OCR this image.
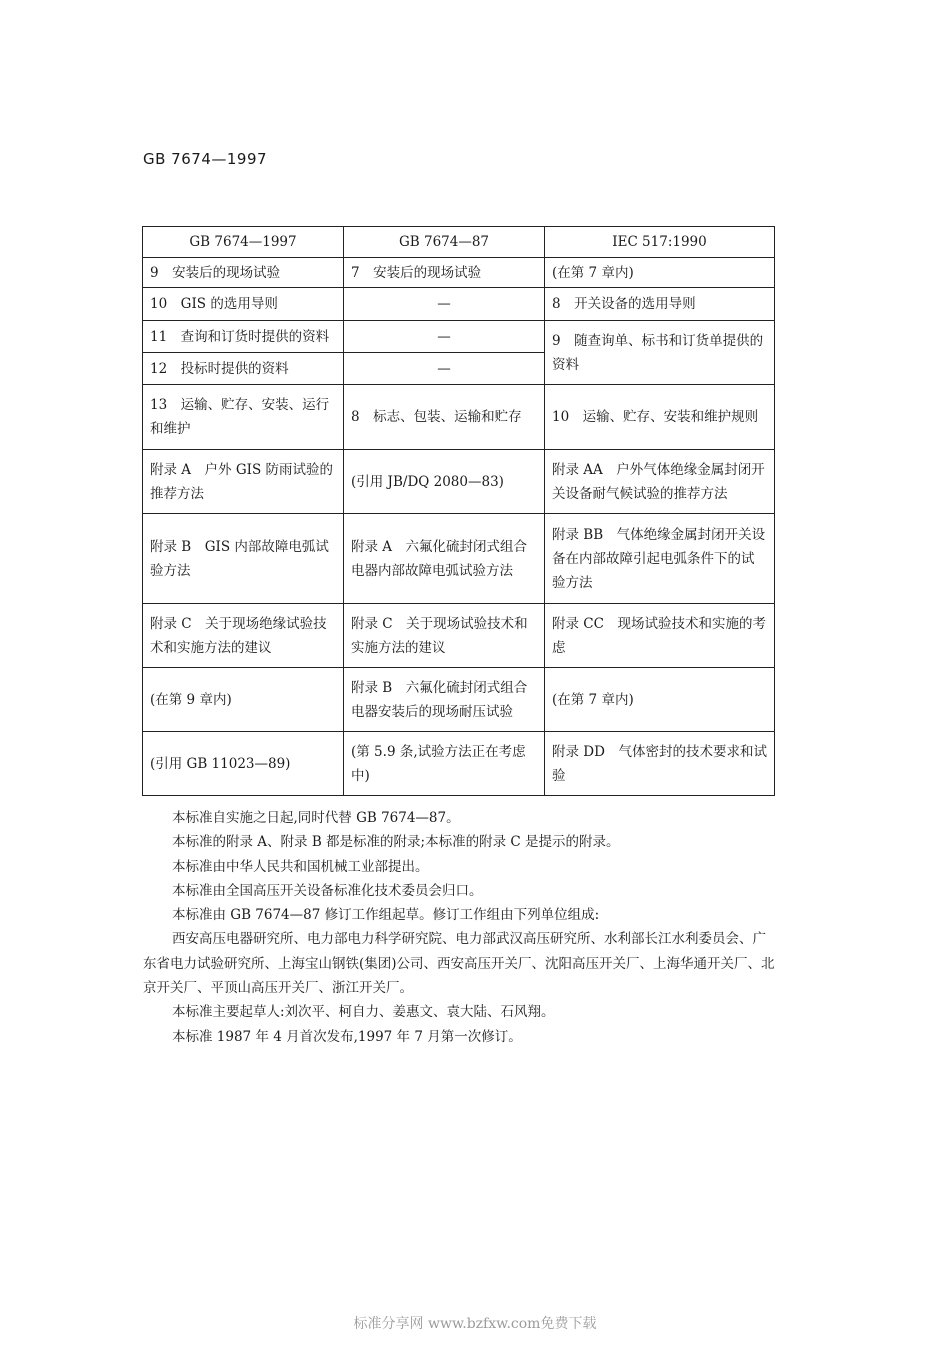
GB 7674—1997
GB 7674—1997	GB 7674—87	IEC 517:1990
9　安装后的现场试验	7　安装后的现场试验	(在第 7 章内)
10　GIS 的选用导则	—	8　开关设备的选用导则
11　查询和订货时提供的资料	—	9　随查询单、标书和订货单提供的资料
12　投标时提供的资料	—	
13　运输、贮存、安装、运行和维护	8　标志、包装、运输和贮存	10　运输、贮存、安装和维护规则
附录 A　户外 GIS 防雨试验的推荐方法	(引用 JB/DQ 2080—83)	附录 AA　户外气体绝缘金属封闭开关设备耐气候试验的推荐方法
附录 B　GIS 内部故障电弧试验方法	附录 A　六氟化硫封闭式组合电器内部故障电弧试验方法	附录 BB　气体绝缘金属封闭开关设备在内部故障引起电弧条件下的试验方法
附录 C　关于现场绝缘试验技术和实施方法的建议	附录 C　关于现场试验技术和实施方法的建议	附录 CC　现场试验技术和实施的考虑
(在第 9 章内)	附录 B　六氟化硫封闭式组合电器安装后的现场耐压试验	(在第 7 章内)
(引用 GB 11023—89)	(第 5.9 条,试验方法正在考虑中)	附录 DD　气体密封的技术要求和试验

本标准自实施之日起,同时代替 GB 7674—87。

本标准的附录 A、附录 B 都是标准的附录;本标准的附录 C 是提示的附录。

本标准由中华人民共和国机械工业部提出。

本标准由全国高压开关设备标准化技术委员会归口。

本标准由 GB 7674—87 修订工作组起草。修订工作组由下列单位组成:

西安高压电器研究所、电力部电力科学研究院、电力部武汉高压研究所、水利部长江水利委员会、广东省电力试验研究所、上海宝山钢铁(集团)公司、西安高压开关厂、沈阳高压开关厂、上海华通开关厂、北京开关厂、平顶山高压开关厂、浙江开关厂。

本标准主要起草人:刘次平、柯自力、姜惠文、袁大陆、石风翔。

本标准 1987 年 4 月首次发布,1997 年 7 月第一次修订。

标准分享网 www.bzfxw.com免费下载
